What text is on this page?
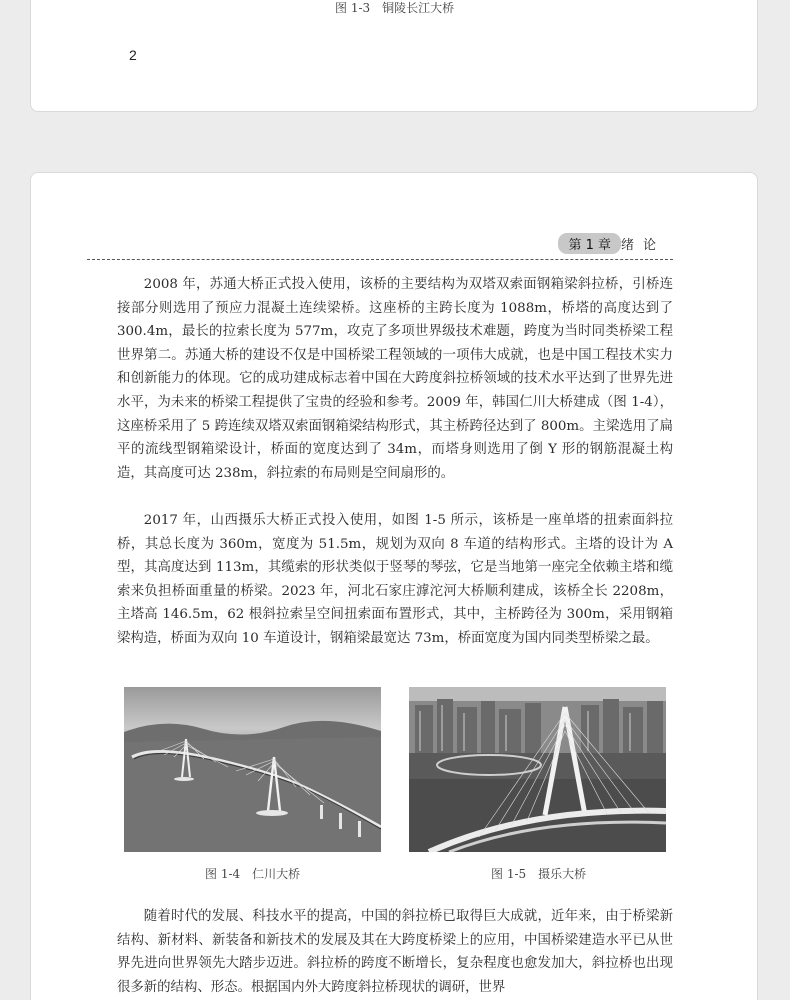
图 1-3　铜陵长江大桥
2
第 1 章 绪论

2008 年，苏通大桥正式投入使用，该桥的主要结构为双塔双索面钢箱梁斜拉桥，引桥连接部分则选用了预应力混凝土连续梁桥。这座桥的主跨长度为 1088m，桥塔的高度达到了 300.4m，最长的拉索长度为 577m，攻克了多项世界级技术难题，跨度为当时同类桥梁工程世界第二。苏通大桥的建设不仅是中国桥梁工程领域的一项伟大成就，也是中国工程技术实力和创新能力的体现。它的成功建成标志着中国在大跨度斜拉桥领域的技术水平达到了世界先进水平，为未来的桥梁工程提供了宝贵的经验和参考。2009 年，韩国仁川大桥建成（图 1-4），这座桥采用了 5 跨连续双塔双索面钢箱梁结构形式，其主桥跨径达到了 800m。主梁选用了扁平的流线型钢箱梁设计，桥面的宽度达到了 34m，而塔身则选用了倒 Y 形的钢筋混凝土构造，其高度可达 238m，斜拉索的布局则是空间扇形的。

2017 年，山西摄乐大桥正式投入使用，如图 1-5 所示，该桥是一座单塔的扭索面斜拉桥，其总长度为 360m，宽度为 51.5m，规划为双向 8 车道的结构形式。主塔的设计为 A 型，其高度达到 113m，其缆索的形状类似于竖琴的琴弦，它是当地第一座完全依赖主塔和缆索来负担桥面重量的桥梁。2023 年，河北石家庄滹沱河大桥顺利建成，该桥全长 2208m，主塔高 146.5m，62 根斜拉索呈空间扭索面布置形式，其中，主桥跨径为 300m，采用钢箱梁构造，桥面为双向 10 车道设计，钢箱梁最宽达 73m，桥面宽度为国内同类型桥梁之最。

图 1-4　仁川大桥	图 1-5　摄乐大桥

随着时代的发展、科技水平的提高，中国的斜拉桥已取得巨大成就，近年来，由于桥梁新结构、新材料、新装备和新技术的发展及其在大跨度桥梁上的应用，中国桥梁建造水平已从世界先进向世界领先大踏步迈进。斜拉桥的跨度不断增长，复杂程度也愈发加大，斜拉桥也出现很多新的结构、形态。根据国内外大跨度斜拉桥现状的调研，世界
